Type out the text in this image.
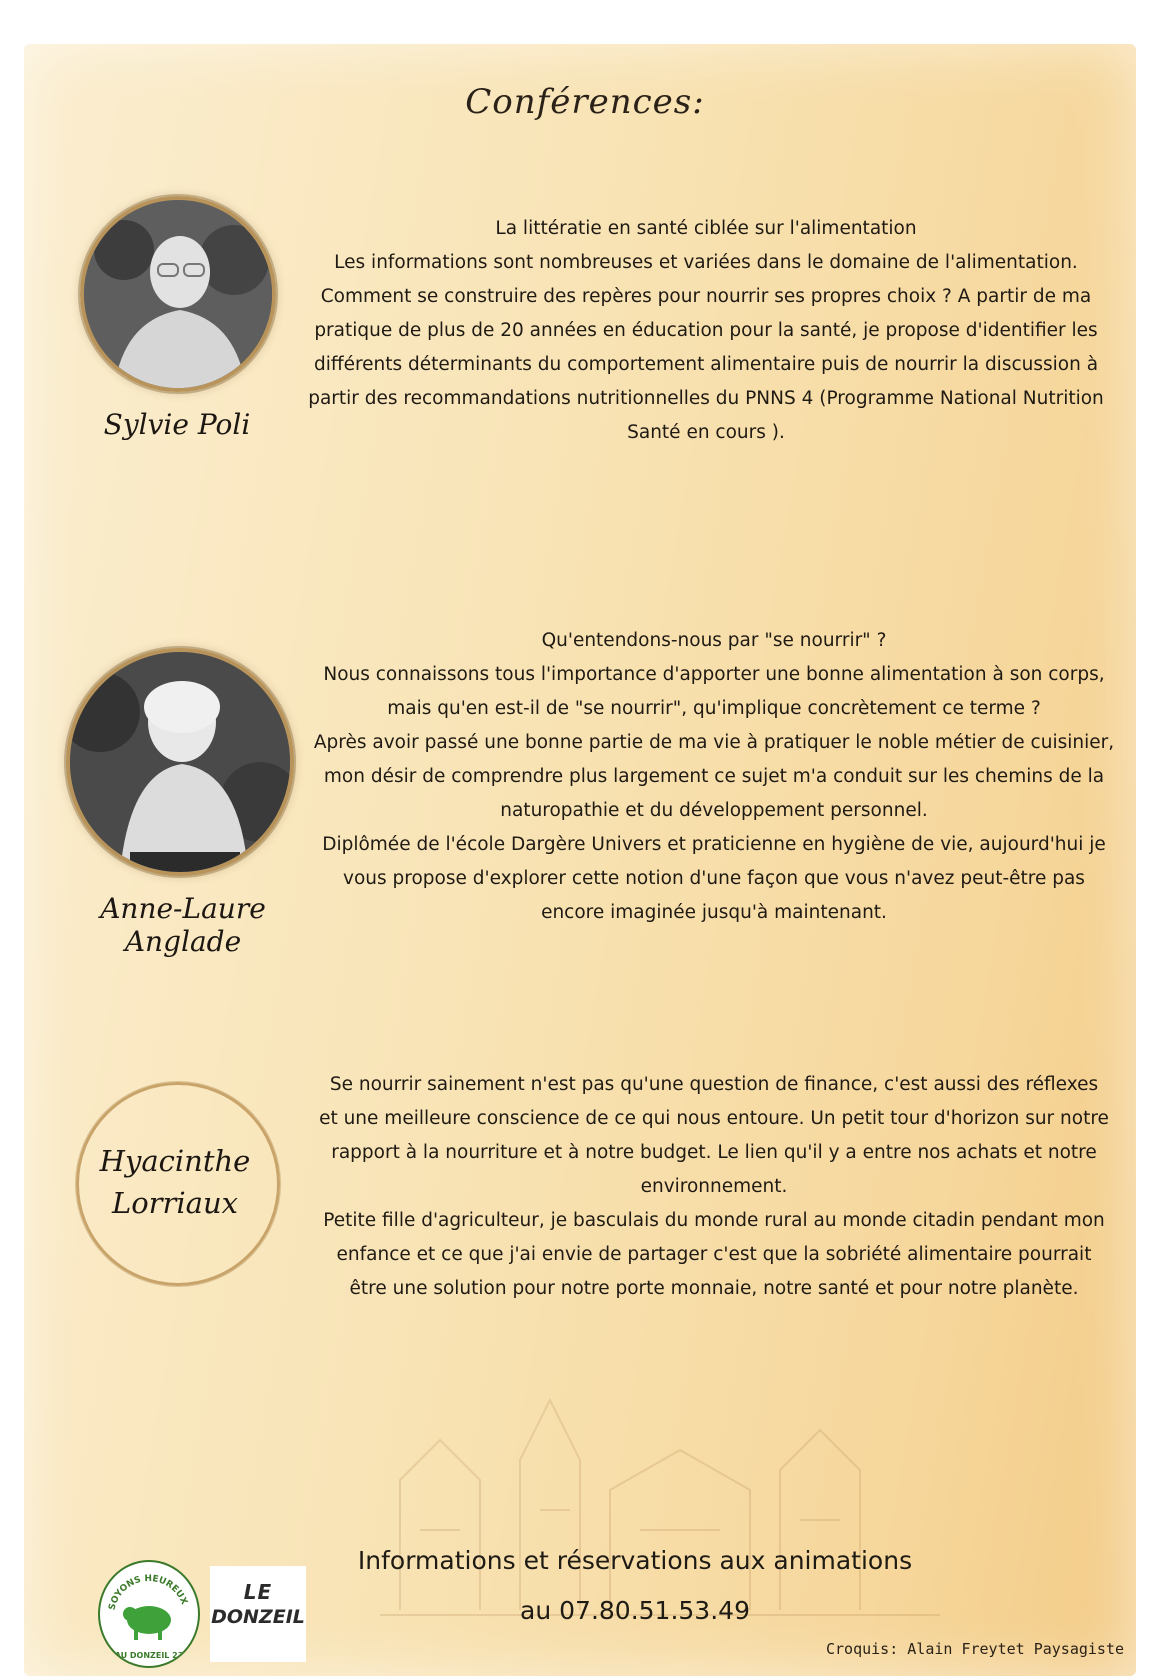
Conférences:
Sylvie Poli

La littératie en santé ciblée sur l'alimentation

Les informations sont nombreuses et variées dans le domaine de l'alimentation.

Comment se construire des repères pour nourrir ses propres choix ? A partir de ma

pratique de plus de 20 années en éducation pour la santé, je propose d'identifier les

différents déterminants du comportement alimentaire puis de nourrir la discussion à

partir des recommandations nutritionnelles du PNNS 4 (Programme National Nutrition

Santé en cours ).

Anne-Laure Anglade

Qu'entendons-nous par "se nourrir" ?

Nous connaissons tous l'importance d'apporter une bonne alimentation à son corps,

mais qu'en est-il de "se nourrir", qu'implique concrètement ce terme ?

Après avoir passé une bonne partie de ma vie à pratiquer le noble métier de cuisinier,

mon désir de comprendre plus largement ce sujet m'a conduit sur les chemins de la

naturopathie et du développement personnel.

Diplômée de l'école Dargère Univers et praticienne en hygiène de vie, aujourd'hui je

vous propose d'explorer cette notion d'une façon que vous n'avez peut-être pas

encore imaginée jusqu'à maintenant.

Hyacinthe
Lorriaux

Se nourrir sainement n'est pas qu'une question de finance, c'est aussi des réflexes

et une meilleure conscience de ce qui nous entoure. Un petit tour d'horizon sur notre

rapport à la nourriture et à notre budget. Le lien qu'il y a entre nos achats et notre

environnement.

Petite fille d'agriculteur, je basculais du monde rural au monde citadin pendant mon

enfance et ce que j'ai envie de partager c'est que la sobriété alimentaire pourrait

être une solution pour notre porte monnaie, notre santé et pour notre planète.

SOYONS HEUREUX
AU DONZEIL 23
LE
DONZEIL
Informations et réservations aux animations
au 07.80.51.53.49
Croquis: Alain Freytet Paysagiste
